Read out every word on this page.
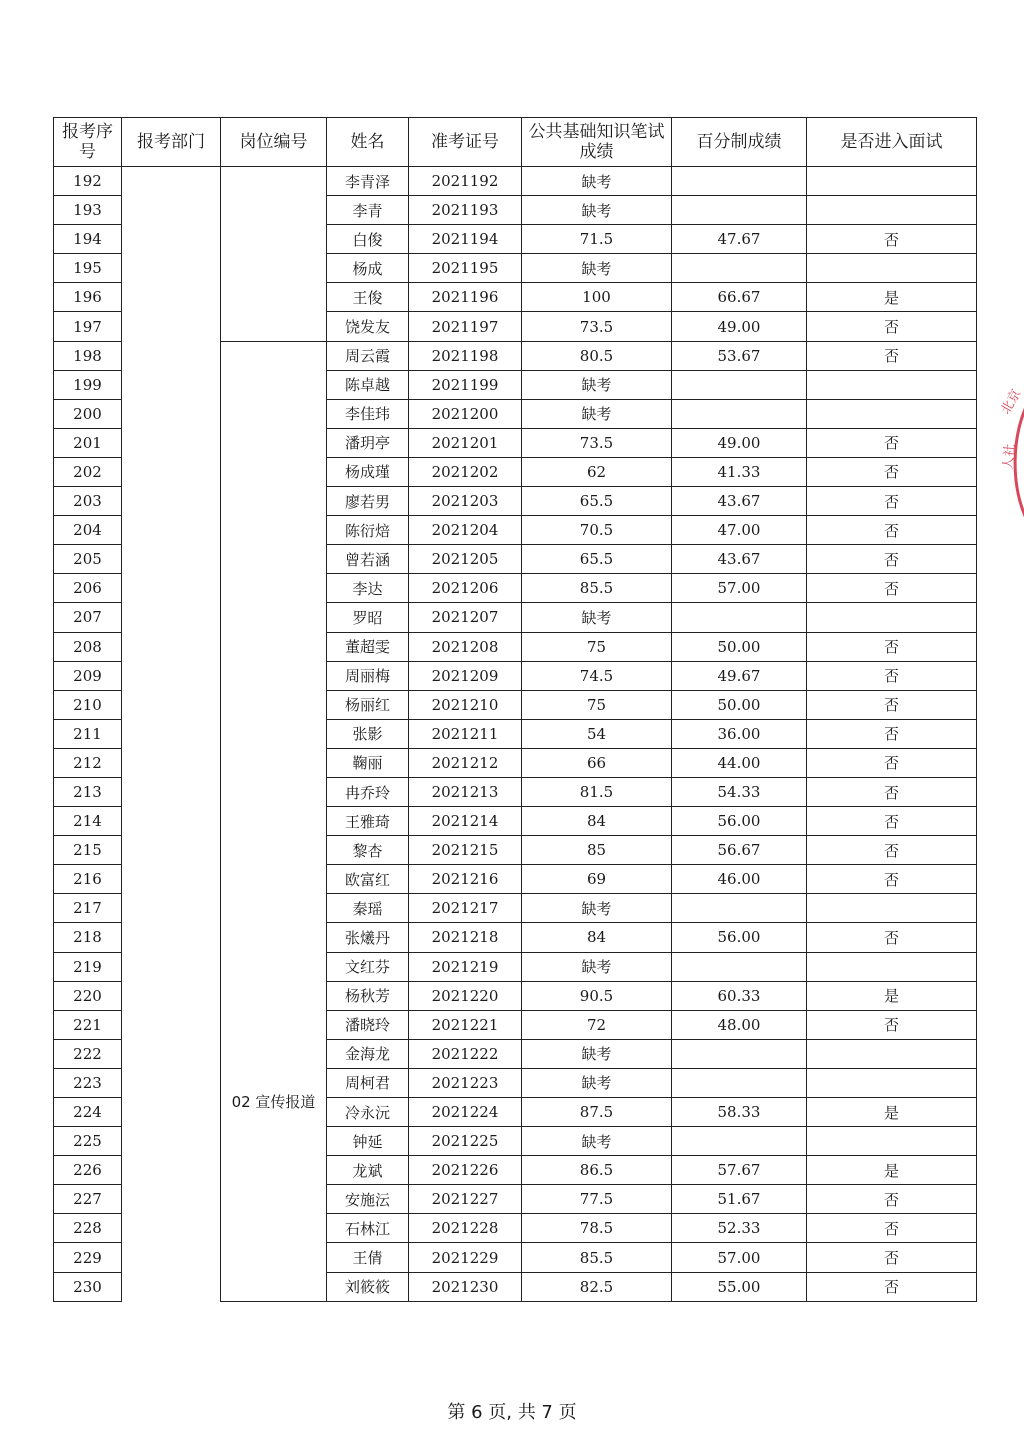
报考序号	报考部门	岗位编号	姓名	准考证号	公共基础知识笔试成绩	百分制成绩	是否进入面试
192			李青泽	2021192	缺考		
193			李青	2021193	缺考		
194			白俊	2021194	71.5	47.67	否
195			杨成	2021195	缺考		
196			王俊	2021196	100	66.67	是
197			饶发友	2021197	73.5	49.00	否
198		02 宣传报道	周云霞	2021198	80.5	53.67	否
199			陈卓越	2021199	缺考		
200			李佳玮	2021200	缺考		
201			潘玥亭	2021201	73.5	49.00	否
202			杨成瑾	2021202	62	41.33	否
203			廖若男	2021203	65.5	43.67	否
204			陈衍焙	2021204	70.5	47.00	否
205			曾若涵	2021205	65.5	43.67	否
206			李达	2021206	85.5	57.00	否
207			罗昭	2021207	缺考		
208			董超雯	2021208	75	50.00	否
209			周丽梅	2021209	74.5	49.67	否
210			杨丽红	2021210	75	50.00	否
211			张影	2021211	54	36.00	否
212			鞠丽	2021212	66	44.00	否
213			冉乔玲	2021213	81.5	54.33	否
214			王雅琦	2021214	84	56.00	否
215			黎杏	2021215	85	56.67	否
216			欧富红	2021216	69	46.00	否
217			秦瑶	2021217	缺考		
218			张爔丹	2021218	84	56.00	否
219			文红芬	2021219	缺考		
220			杨秋芳	2021220	90.5	60.33	是
221			潘晓玲	2021221	72	48.00	否
222			金海龙	2021222	缺考		
223			周柯君	2021223	缺考		
224			冷永沅	2021224	87.5	58.33	是
225			钟延	2021225	缺考		
226			龙斌	2021226	86.5	57.67	是
227			安施沄	2021227	77.5	51.67	否
228			石林江	2021228	78.5	52.33	否
229			王倩	2021229	85.5	57.00	否
230			刘筱筱	2021230	82.5	55.00	否
第 6 页, 共 7 页
北京
人社
